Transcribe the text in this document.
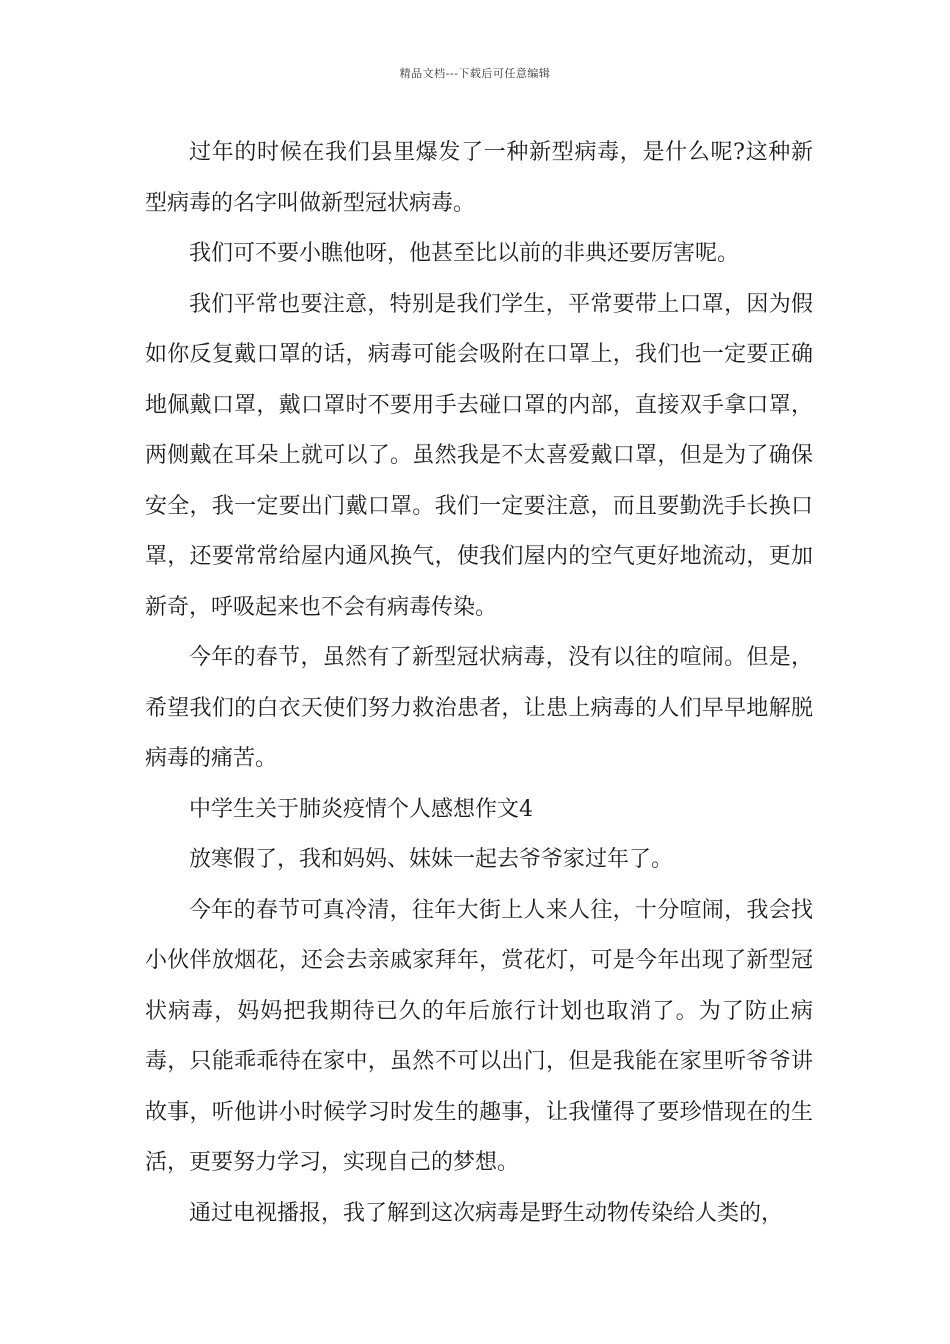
精品文档---下载后可任意编辑

过年的时候在我们县里爆发了一种新型病毒，是什么呢?这种新型病毒的名字叫做新型冠状病毒。

我们可不要小瞧他呀，他甚至比以前的非典还要厉害呢。

我们平常也要注意，特别是我们学生，平常要带上口罩，因为假如你反复戴口罩的话，病毒可能会吸附在口罩上，我们也一定要正确地佩戴口罩，戴口罩时不要用手去碰口罩的内部，直接双手拿口罩，两侧戴在耳朵上就可以了。虽然我是不太喜爱戴口罩，但是为了确保安全，我一定要出门戴口罩。我们一定要注意，而且要勤洗手长换口罩，还要常常给屋内通风换气，使我们屋内的空气更好地流动，更加新奇，呼吸起来也不会有病毒传染。

今年的春节，虽然有了新型冠状病毒，没有以往的喧闹。但是，希望我们的白衣天使们努力救治患者，让患上病毒的人们早早地解脱病毒的痛苦。

中学生关于肺炎疫情个人感想作文4

放寒假了，我和妈妈、妹妹一起去爷爷家过年了。

今年的春节可真冷清，往年大街上人来人往，十分喧闹，我会找小伙伴放烟花，还会去亲戚家拜年，赏花灯，可是今年出现了新型冠状病毒，妈妈把我期待已久的年后旅行计划也取消了。为了防止病毒，只能乖乖待在家中，虽然不可以出门，但是我能在家里听爷爷讲故事，听他讲小时候学习时发生的趣事，让我懂得了要珍惜现在的生活，更要努力学习，实现自己的梦想。

通过电视播报，我了解到这次病毒是野生动物传染给人类的，
